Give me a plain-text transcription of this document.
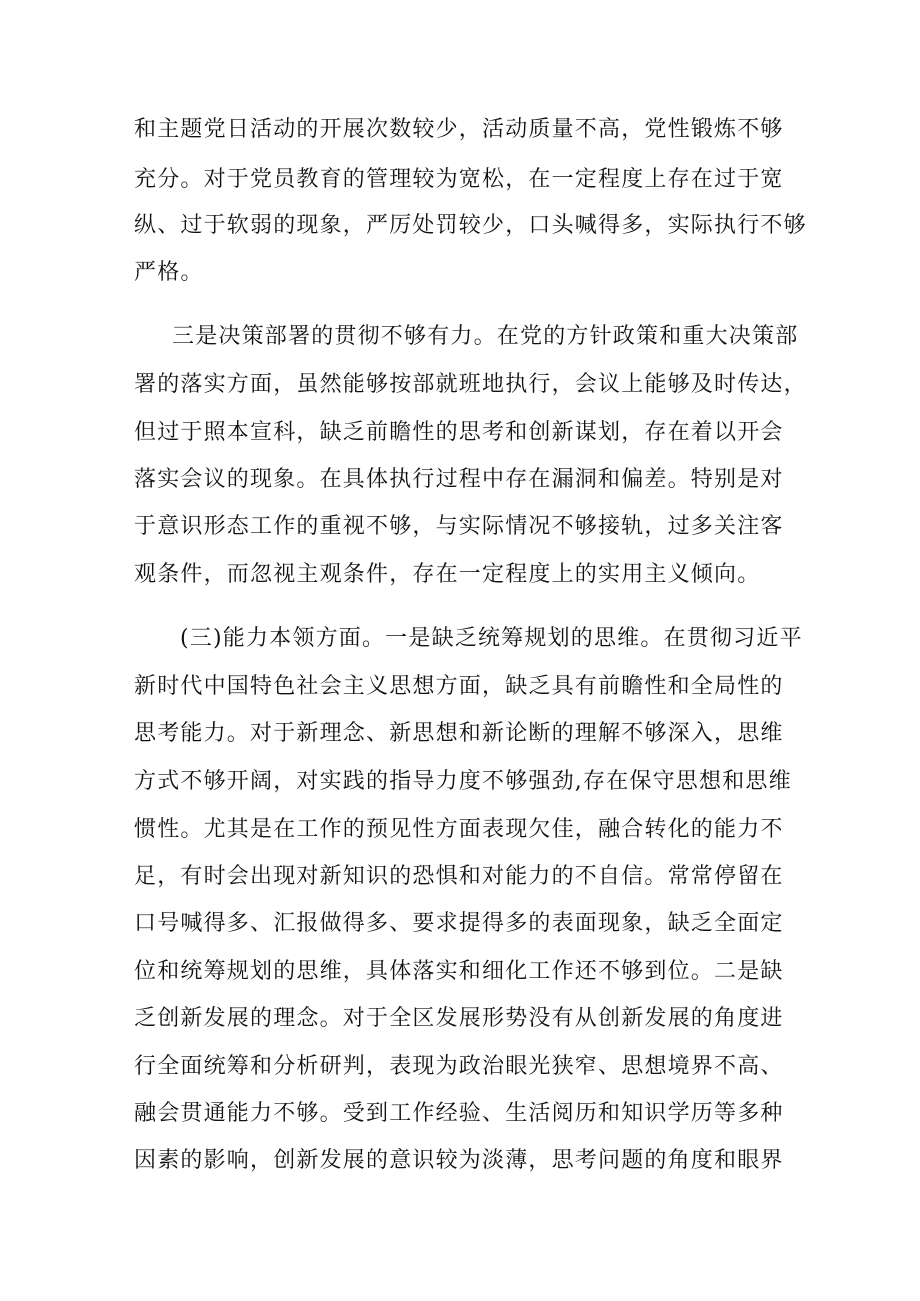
和主题党日活动的开展次数较少，活动质量不高，党性锻炼不够

充分。对于党员教育的管理较为宽松，在一定程度上存在过于宽

纵、过于软弱的现象，严厉处罚较少，口头喊得多，实际执行不够

严格。

三是决策部署的贯彻不够有力。在党的方针政策和重大决策部

署的落实方面，虽然能够按部就班地执行，会议上能够及时传达，

但过于照本宣科，缺乏前瞻性的思考和创新谋划，存在着以开会

落实会议的现象。在具体执行过程中存在漏洞和偏差。特别是对

于意识形态工作的重视不够，与实际情况不够接轨，过多关注客

观条件，而忽视主观条件，存在一定程度上的实用主义倾向。

(三)能力本领方面。一是缺乏统筹规划的思维。在贯彻习近平

新时代中国特色社会主义思想方面，缺乏具有前瞻性和全局性的

思考能力。对于新理念、新思想和新论断的理解不够深入，思维

方式不够开阔，对实践的指导力度不够强劲,存在保守思想和思维

惯性。尤其是在工作的预见性方面表现欠佳，融合转化的能力不

足，有时会出现对新知识的恐惧和对能力的不自信。常常停留在

口号喊得多、汇报做得多、要求提得多的表面现象，缺乏全面定

位和统筹规划的思维，具体落实和细化工作还不够到位。二是缺

乏创新发展的理念。对于全区发展形势没有从创新发展的角度进

行全面统筹和分析研判，表现为政治眼光狭窄、思想境界不高、

融会贯通能力不够。受到工作经验、生活阅历和知识学历等多种

因素的影响，创新发展的意识较为淡薄，思考问题的角度和眼界
